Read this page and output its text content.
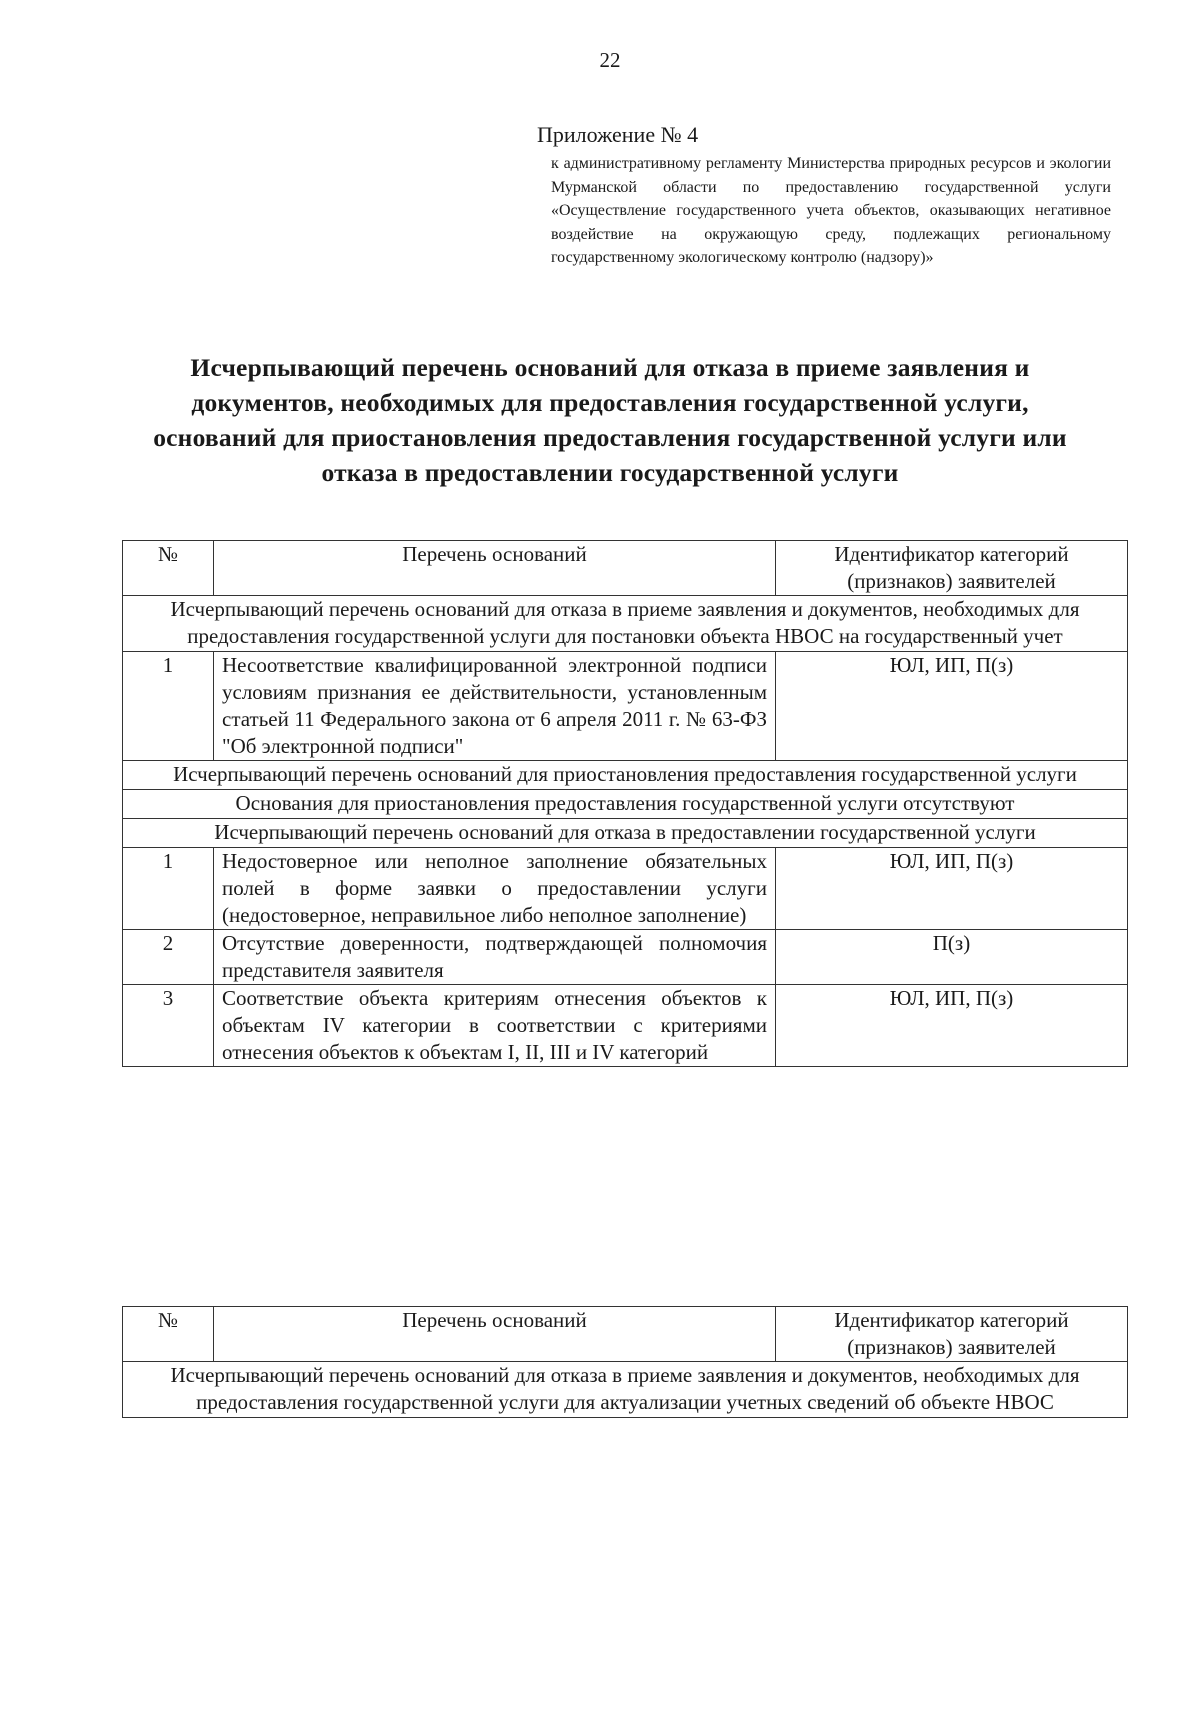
22
Приложение № 4
к административному регламенту Министерства природных ресурсов и экологии Мурманской области по предоставлению государственной услуги «Осуществление государственного учета объектов, оказывающих негативное воздействие на окружающую среду, подлежащих региональному государственному экологическому контролю (надзору)»
Исчерпывающий перечень оснований для отказа в приеме заявления и документов, необходимых для предоставления государственной услуги, оснований для приостановления предоставления государственной услуги или отказа в предоставлении государственной услуги
№	Перечень оснований	Идентификатор категорий (признаков) заявителей
Исчерпывающий перечень оснований для отказа в приеме заявления и документов, необходимых для предоставления государственной услуги для постановки объекта НВОС на государственный учет		
1	Несоответствие квалифицированной электронной подписи условиям признания ее действительности, установленным статьей 11 Федерального закона от 6 апреля 2011 г. № 63-ФЗ "Об электронной подписи"	ЮЛ, ИП, П(з)
Исчерпывающий перечень оснований для приостановления предоставления государственной услуги		
Основания для приостановления предоставления государственной услуги отсутствуют		
Исчерпывающий перечень оснований для отказа в предоставлении государственной услуги		
1	Недостоверное или неполное заполнение обязательных полей в форме заявки о предоставлении услуги (недостоверное, неправильное либо неполное заполнение)	ЮЛ, ИП, П(з)
2	Отсутствие доверенности, подтверждающей полномочия представителя заявителя	П(з)
3	Соответствие объекта критериям отнесения объектов к объектам IV категории в соответствии с критериями отнесения объектов к объектам I, II, III и IV категорий	ЮЛ, ИП, П(з)
№	Перечень оснований	Идентификатор категорий (признаков) заявителей
Исчерпывающий перечень оснований для отказа в приеме заявления и документов, необходимых для предоставления государственной услуги для актуализации учетных сведений об объекте НВОС
